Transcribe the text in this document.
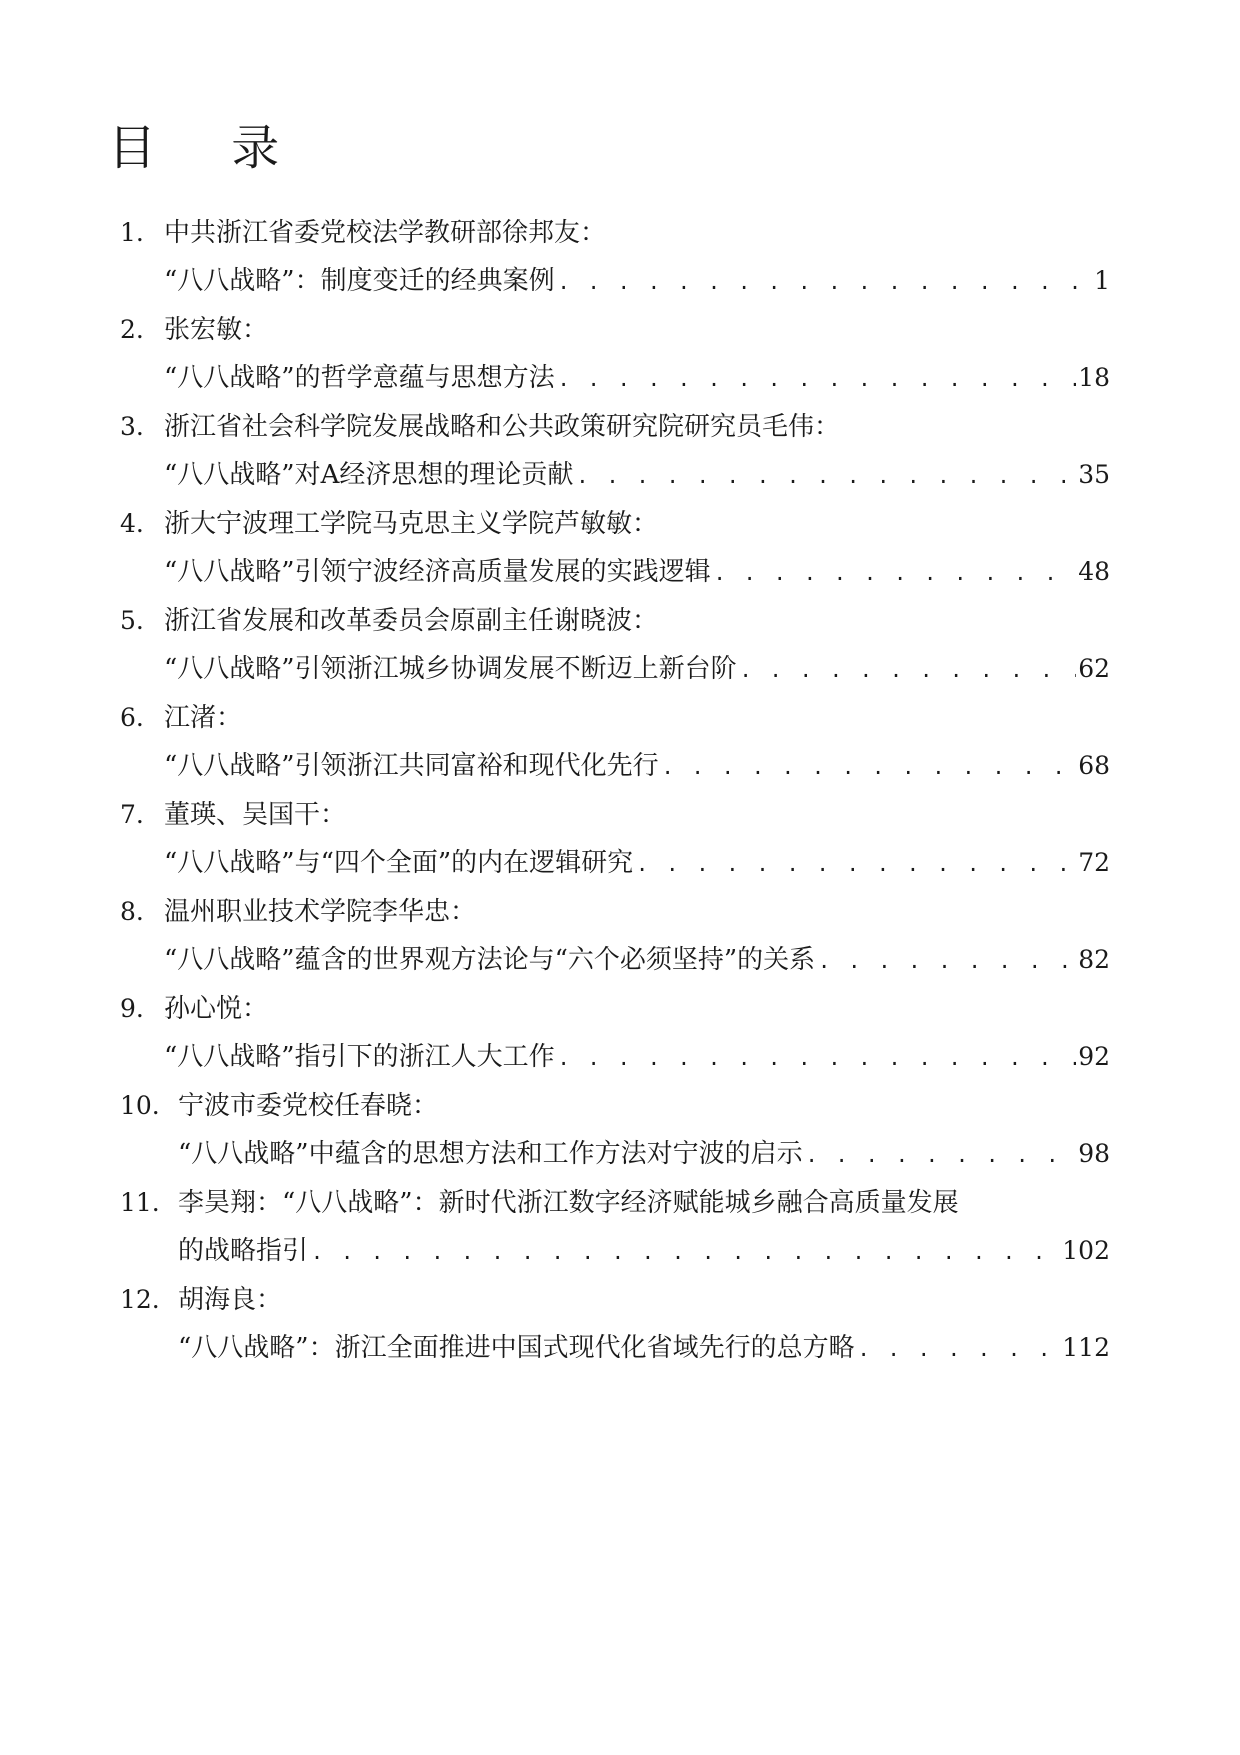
目 录
1. 中共浙江省委党校法学教研部徐邦友：
“八八战略”：制度变迁的经典案例 . . .	1
2. 张宏敏：
“八八战略”的哲学意蕴与思想方法 . . .	18
3. 浙江省社会科学院发展战略和公共政策研究院研究员毛伟：
“八八战略”对A经济思想的理论贡献 . . .	35
4. 浙大宁波理工学院马克思主义学院芦敏敏：
“八八战略”引领宁波经济高质量发展的实践逻辑 . . .	48
5. 浙江省发展和改革委员会原副主任谢晓波：
“八八战略”引领浙江城乡协调发展不断迈上新台阶 . . .	62
6. 江渚：
“八八战略”引领浙江共同富裕和现代化先行 . . .	68
7. 董瑛、吴国干：
“八八战略”与“四个全面”的内在逻辑研究 . . .	72
8. 温州职业技术学院李华忠：
“八八战略”蕴含的世界观方法论与“六个必须坚持”的关系 . . .	82
9. 孙心悦：
“八八战略”指引下的浙江人大工作 . . .	92
10. 宁波市委党校任春晓：
“八八战略”中蕴含的思想方法和工作方法对宁波的启示 . . .	98
11. 李昊翔：“八八战略”：新时代浙江数字经济赋能城乡融合高质量发展
的战略指引 . . .	102
12. 胡海良：
“八八战略”：浙江全面推进中国式现代化省域先行的总方略 . . .	112
